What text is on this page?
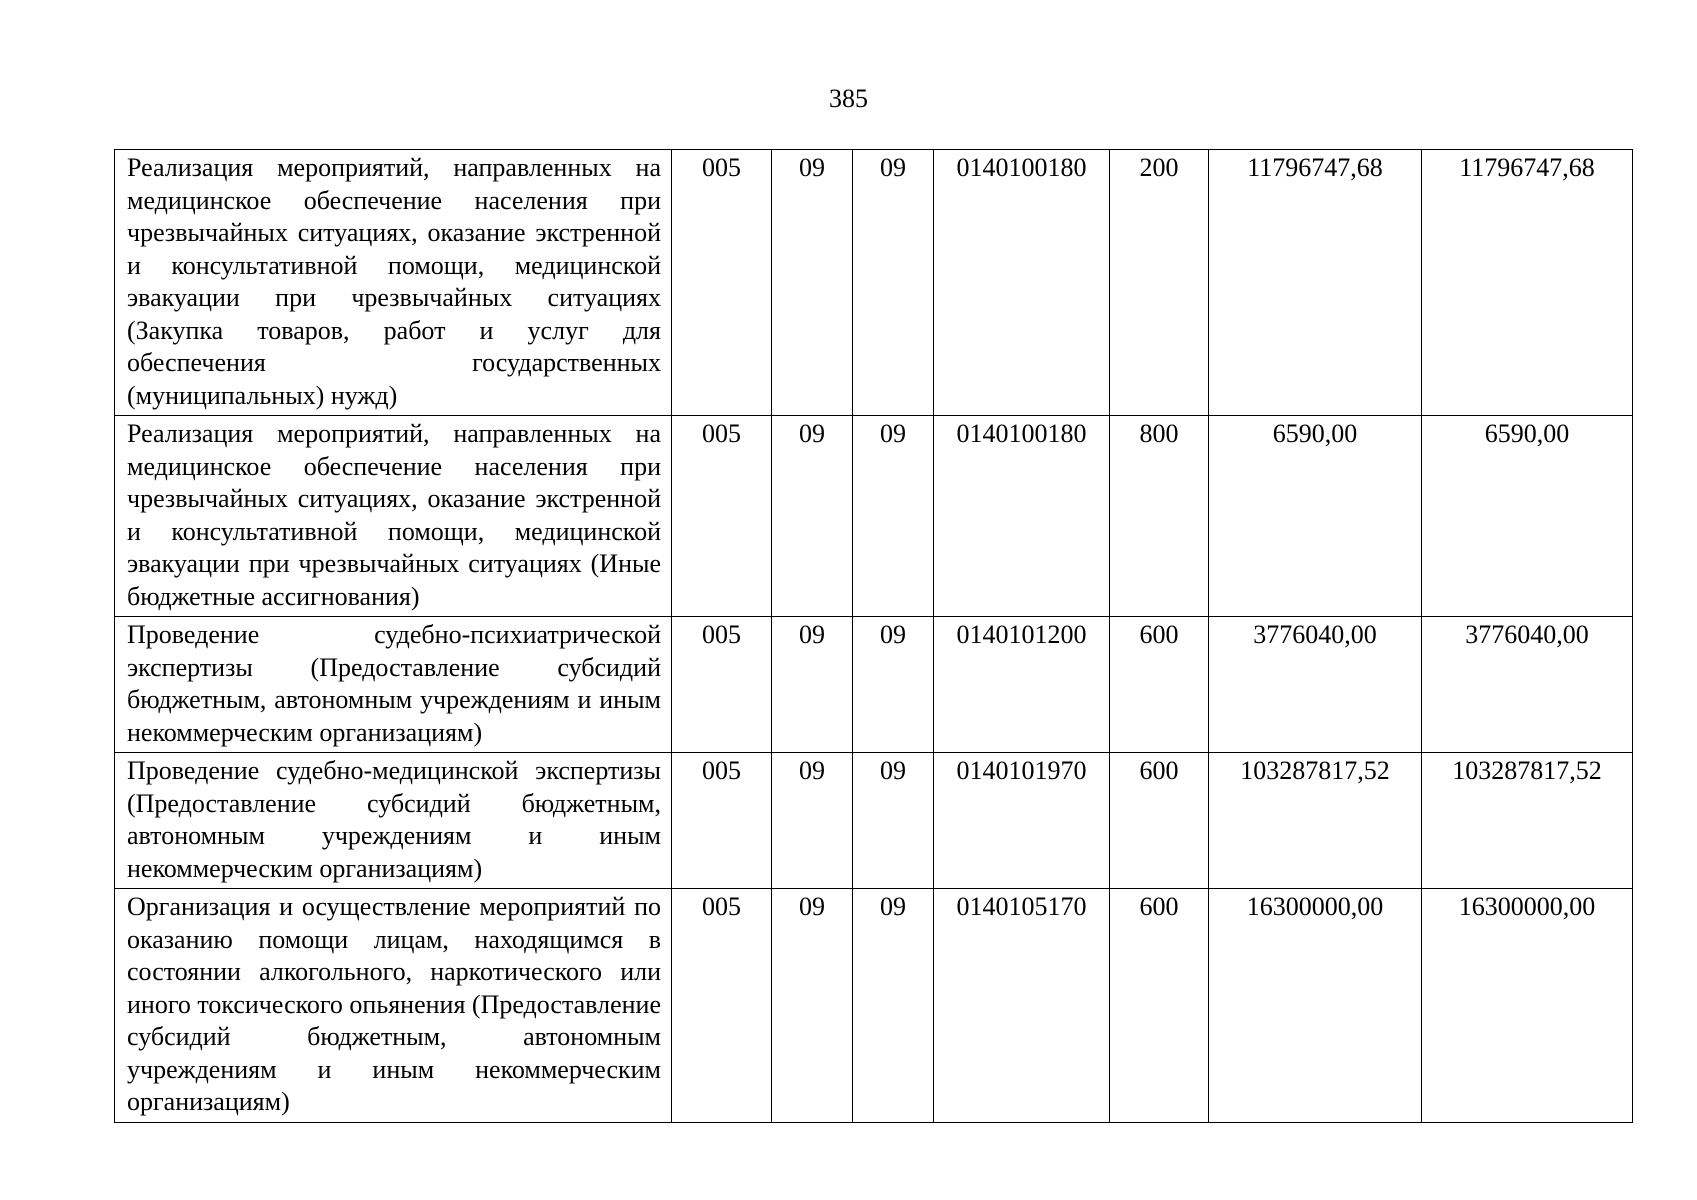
385
Реализация мероприятий, направленных на медицинское обеспечение населения при чрезвычайных ситуациях, оказание экстренной и консультативной помощи, медицинской эвакуации при чрезвычайных ситуациях (Закупка товаров, работ и услуг для обеспечения государственных (муниципальных) нужд)	005	09	09	0140100180	200	11796747,68	11796747,68
Реализация мероприятий, направленных на медицинское обеспечение населения при чрезвычайных ситуациях, оказание экстренной и консультативной помощи, медицинской эвакуации при чрезвычайных ситуациях (Иные бюджетные ассигнования)	005	09	09	0140100180	800	6590,00	6590,00
Проведение судебно-психиатрической экспертизы (Предоставление субсидий бюджетным, автономным учреждениям и иным некоммерческим организациям)	005	09	09	0140101200	600	3776040,00	3776040,00
Проведение судебно-медицинской экспертизы (Предоставление субсидий бюджетным, автономным учреждениям и иным некоммерческим организациям)	005	09	09	0140101970	600	103287817,52	103287817,52
Организация и осуществление мероприятий по оказанию помощи лицам, находящимся в состоянии алкогольного, наркотического или иного токсического опьянения (Предоставление субсидий бюджетным, автономным учреждениям и иным некоммерческим организациям)	005	09	09	0140105170	600	16300000,00	16300000,00
